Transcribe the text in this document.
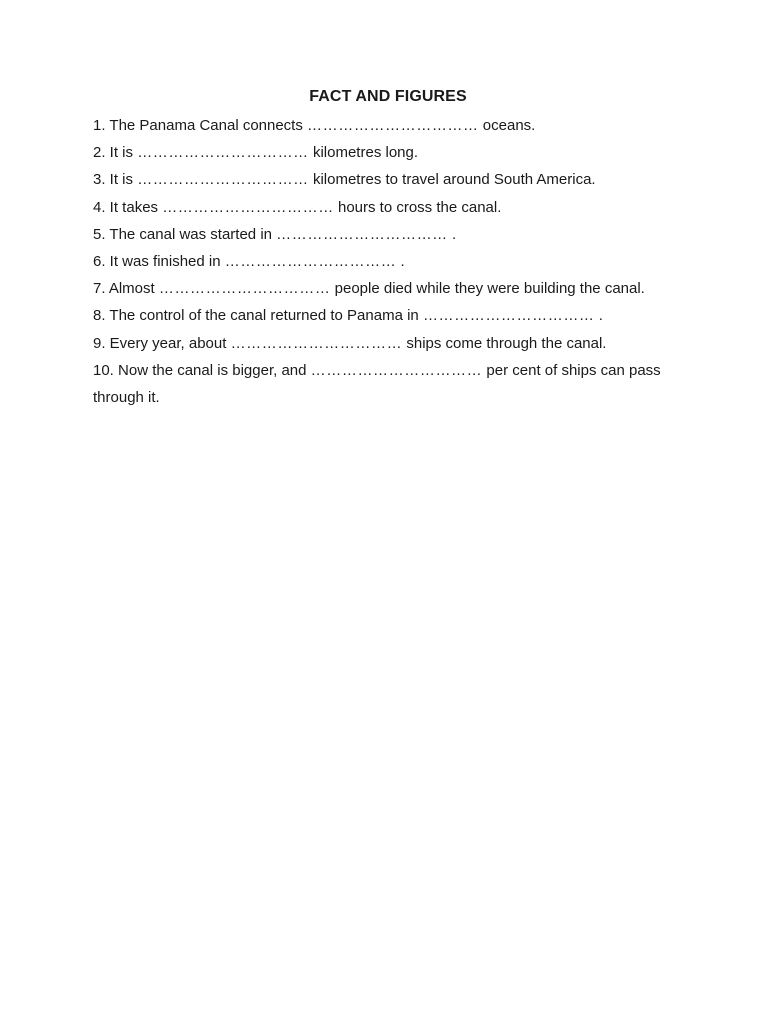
FACT AND FIGURES
1. The Panama Canal connects …………………………… oceans.
2. It is …………………………… kilometres long.
3. It is …………………………… kilometres to travel around South America.
4. It takes …………………………… hours to cross the canal.
5. The canal was started in …………………………… .
6. It was finished in …………………………… .
7. Almost …………………………… people died while they were building the canal.
8. The control of the canal returned to Panama in …………………………… .
9. Every year, about …………………………… ships come through the canal.
10. Now the canal is bigger, and …………………………… per cent of ships can pass through it.
